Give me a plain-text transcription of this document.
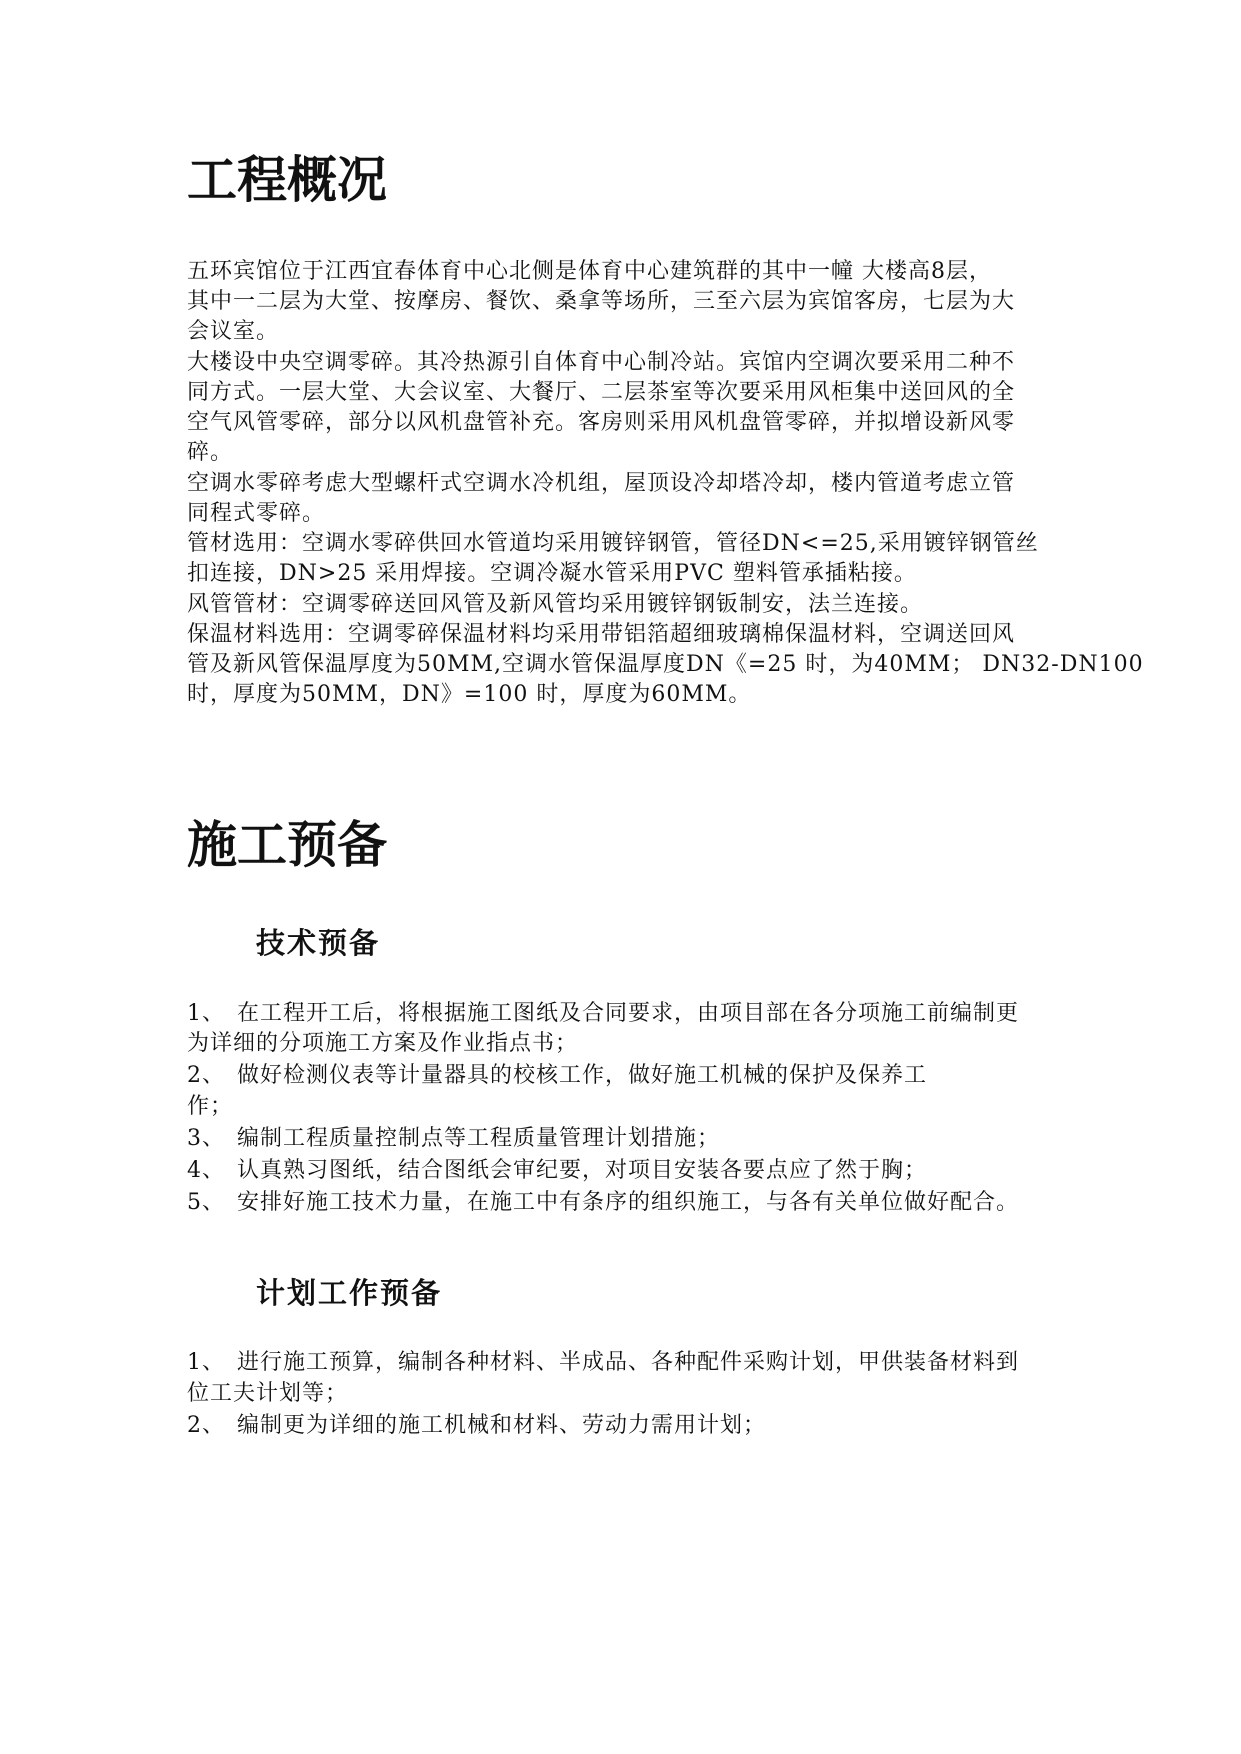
工程概况
五环宾馆位于江西宜春体育中心北侧是体育中心建筑群的其中一幢 大楼高8层，
其中一二层为大堂、按摩房、餐饮、桑拿等场所，三至六层为宾馆客房，七层为大
会议室。
大楼设中央空调零碎。其冷热源引自体育中心制冷站。宾馆内空调次要采用二种不
同方式。一层大堂、大会议室、大餐厅、二层茶室等次要采用风柜集中送回风的全
空气风管零碎，部分以风机盘管补充。客房则采用风机盘管零碎，并拟增设新风零
碎。
空调水零碎考虑大型螺杆式空调水冷机组，屋顶设冷却塔冷却，楼内管道考虑立管
同程式零碎。
管材选用：空调水零碎供回水管道均采用镀锌钢管，管径DN<=25,采用镀锌钢管丝
扣连接，DN>25 采用焊接。空调冷凝水管采用PVC 塑料管承插粘接。
风管管材：空调零碎送回风管及新风管均采用镀锌钢钣制安，法兰连接。
保温材料选用：空调零碎保温材料均采用带铝箔超细玻璃棉保温材料，空调送回风
管及新风管保温厚度为50MM,空调水管保温厚度DN《=25 时，为40MM； DN32-DN100
时，厚度为50MM，DN》=100 时，厚度为60MM。
施工预备
技术预备
1、 在工程开工后，将根据施工图纸及合同要求，由项目部在各分项施工前编制更
为详细的分项施工方案及作业指点书；
2、 做好检测仪表等计量器具的校核工作，做好施工机械的保护及保养工
作；
3、 编制工程质量控制点等工程质量管理计划措施；
4、 认真熟习图纸，结合图纸会审纪要，对项目安装各要点应了然于胸；
5、 安排好施工技术力量，在施工中有条序的组织施工，与各有关单位做好配合。
计划工作预备
1、 进行施工预算，编制各种材料、半成品、各种配件采购计划，甲供装备材料到
位工夫计划等；
2、 编制更为详细的施工机械和材料、劳动力需用计划；
